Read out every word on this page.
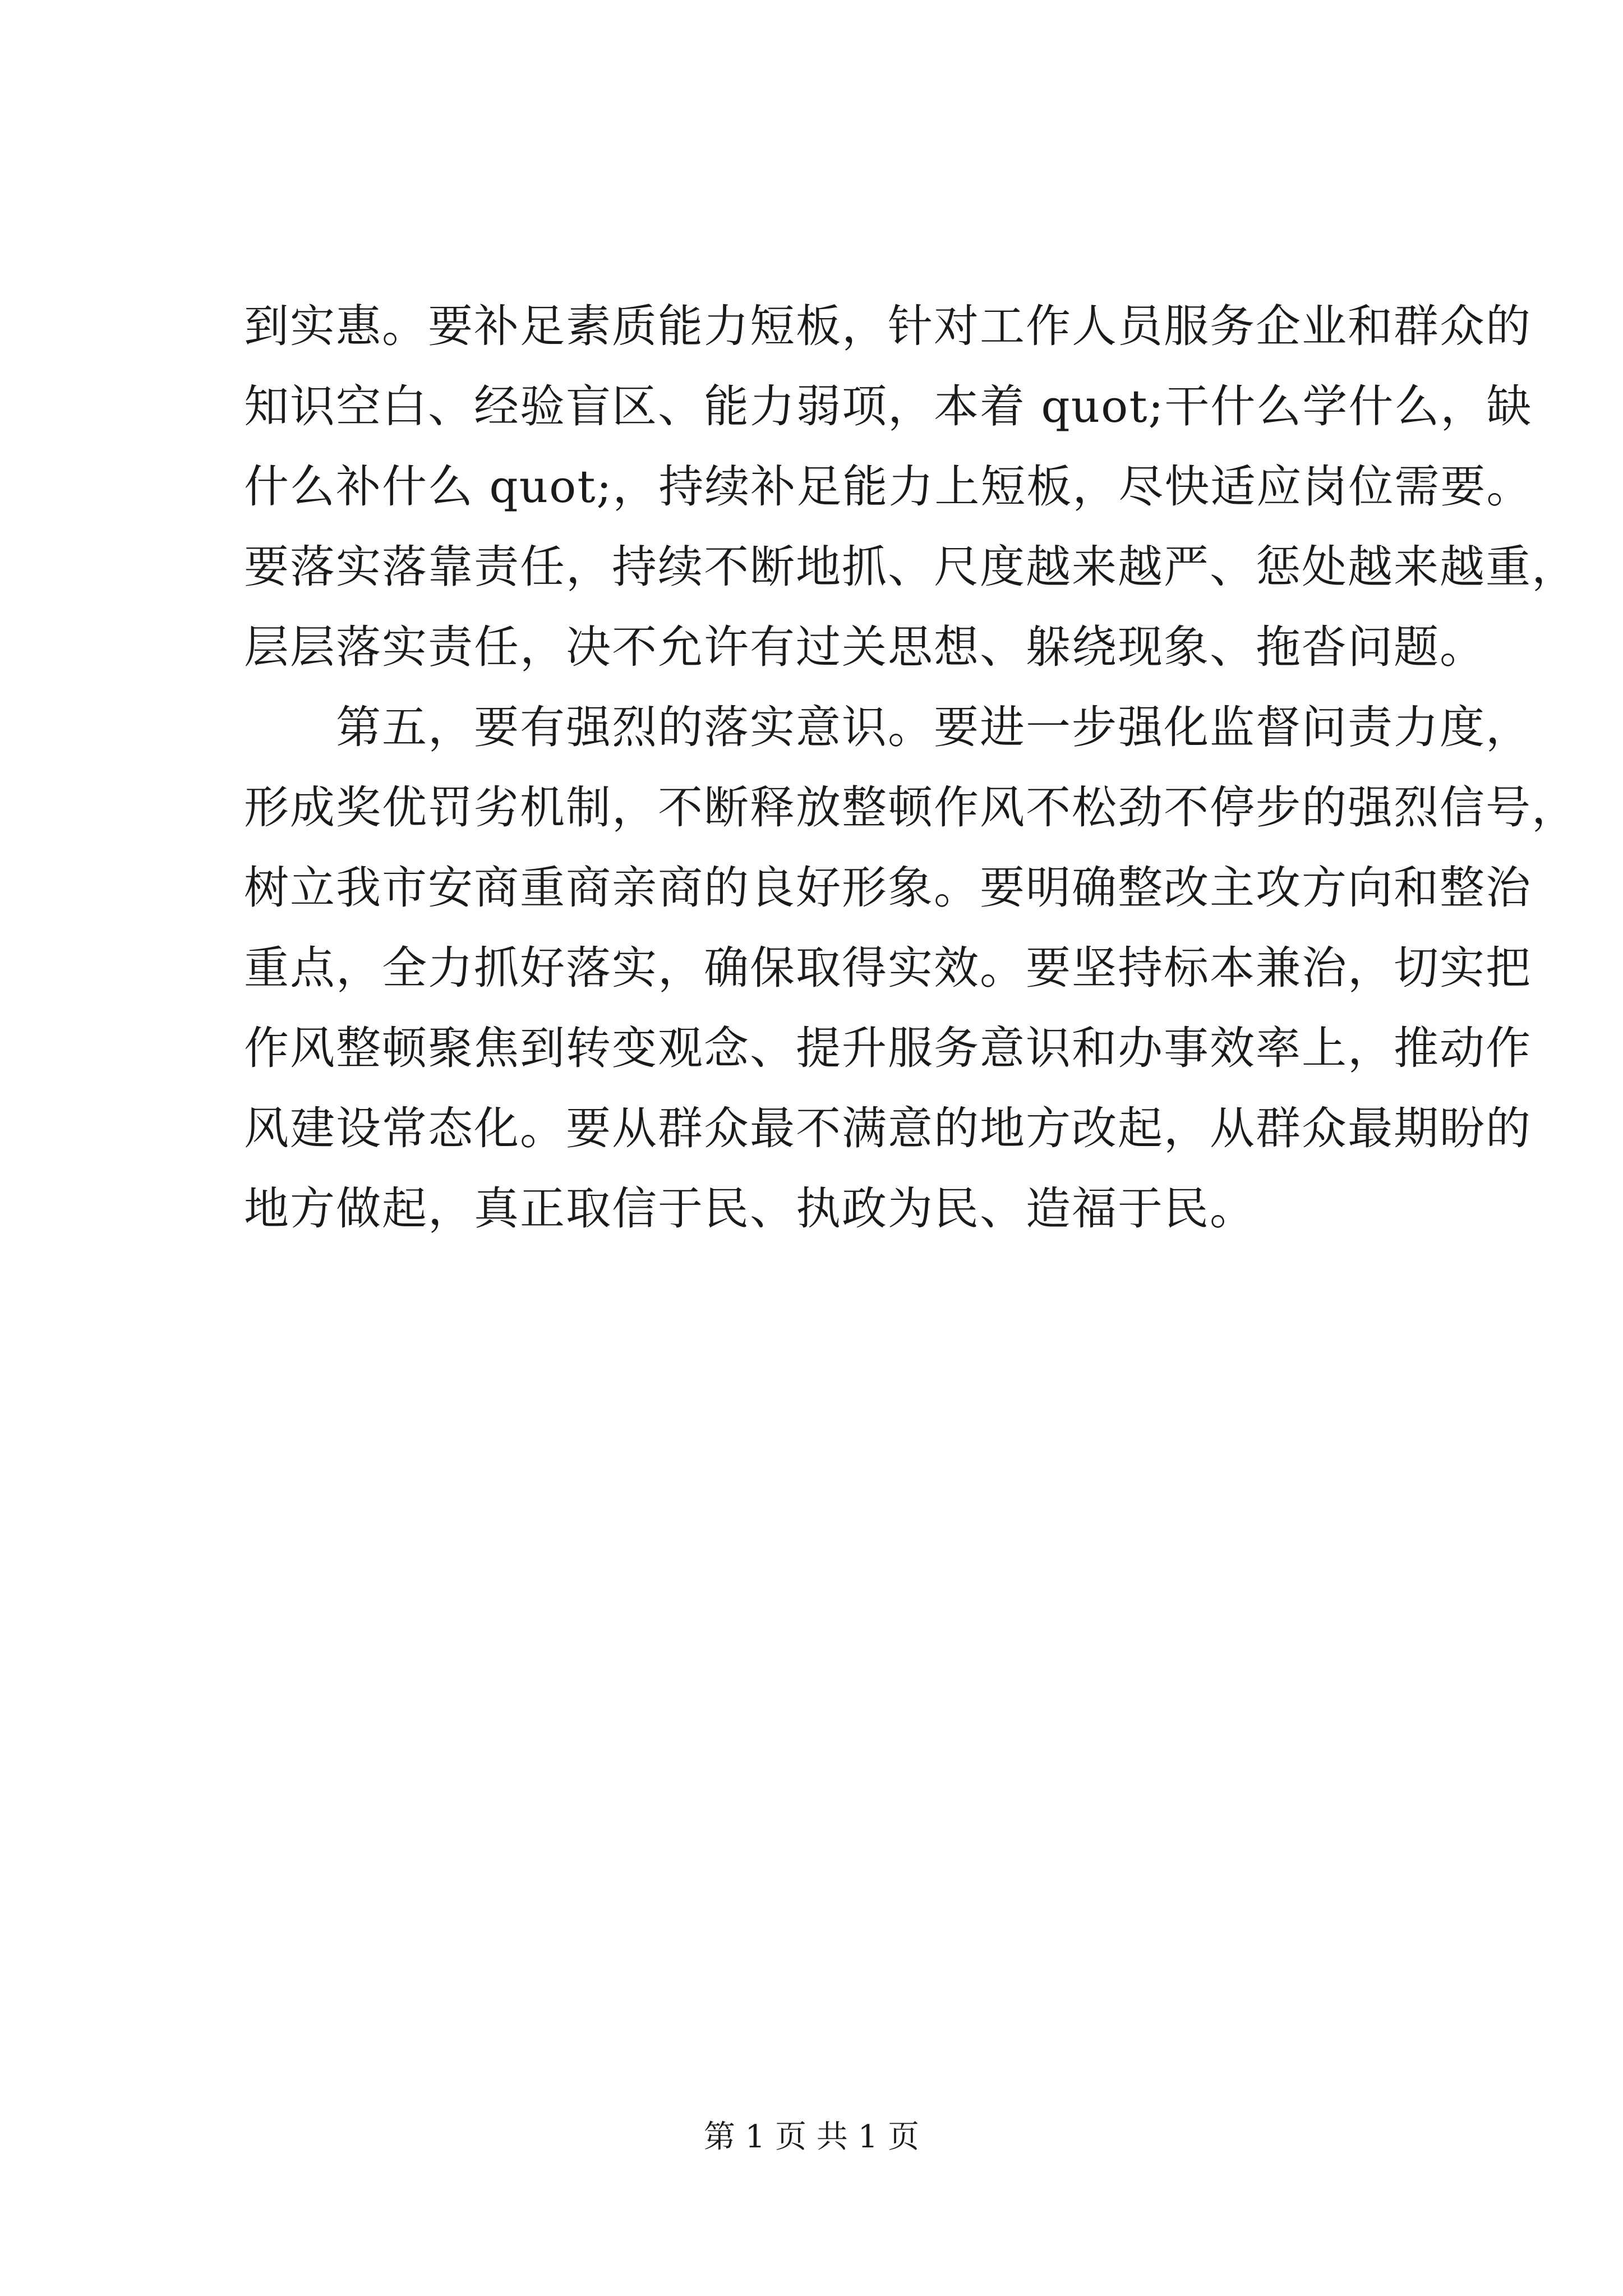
到实惠。要补足素质能力短板，针对工作人员服务企业和群众的
知识空白、经验盲区、能力弱项，本着 quot;干什么学什么，缺
什么补什么 quot;，持续补足能力上短板，尽快适应岗位需要。
要落实落靠责任，持续不断地抓、尺度越来越严、惩处越来越重，
层层落实责任，决不允许有过关思想、躲绕现象、拖沓问题。
　　第五，要有强烈的落实意识。要进一步强化监督问责力度，
形成奖优罚劣机制，不断释放整顿作风不松劲不停步的强烈信号，
树立我市安商重商亲商的良好形象。要明确整改主攻方向和整治
重点，全力抓好落实，确保取得实效。要坚持标本兼治，切实把
作风整顿聚焦到转变观念、提升服务意识和办事效率上，推动作
风建设常态化。要从群众最不满意的地方改起，从群众最期盼的
地方做起，真正取信于民、执政为民、造福于民。
第 1 页 共 1 页
